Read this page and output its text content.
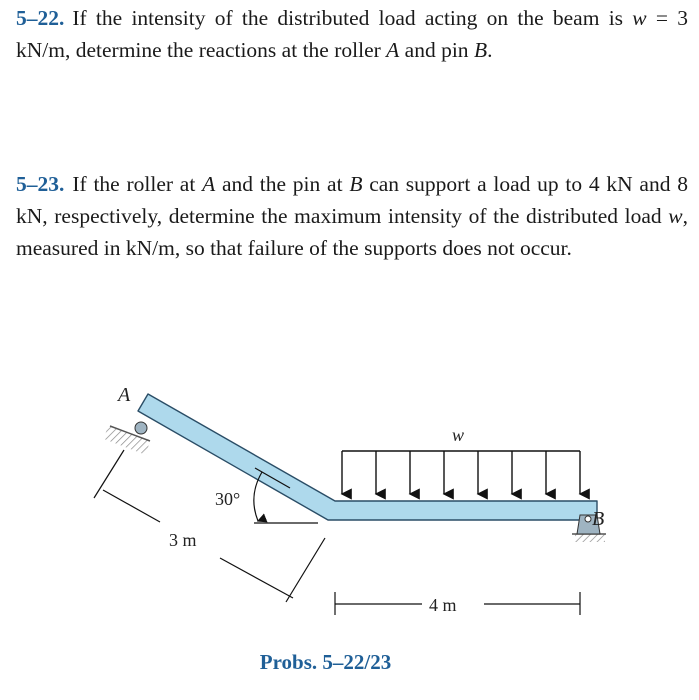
5–22. If the intensity of the distributed load acting on the beam is w = 3 kN/m, determine the reactions at the roller A and pin B.
5–23. If the roller at A and the pin at B can support a load up to 4 kN and 8 kN, respectively, determine the maximum intensity of the distributed load w, measured in kN/m, so that failure of the supports does not occur.
A
B
w
30°
3 m
4 m
Probs. 5–22/23
